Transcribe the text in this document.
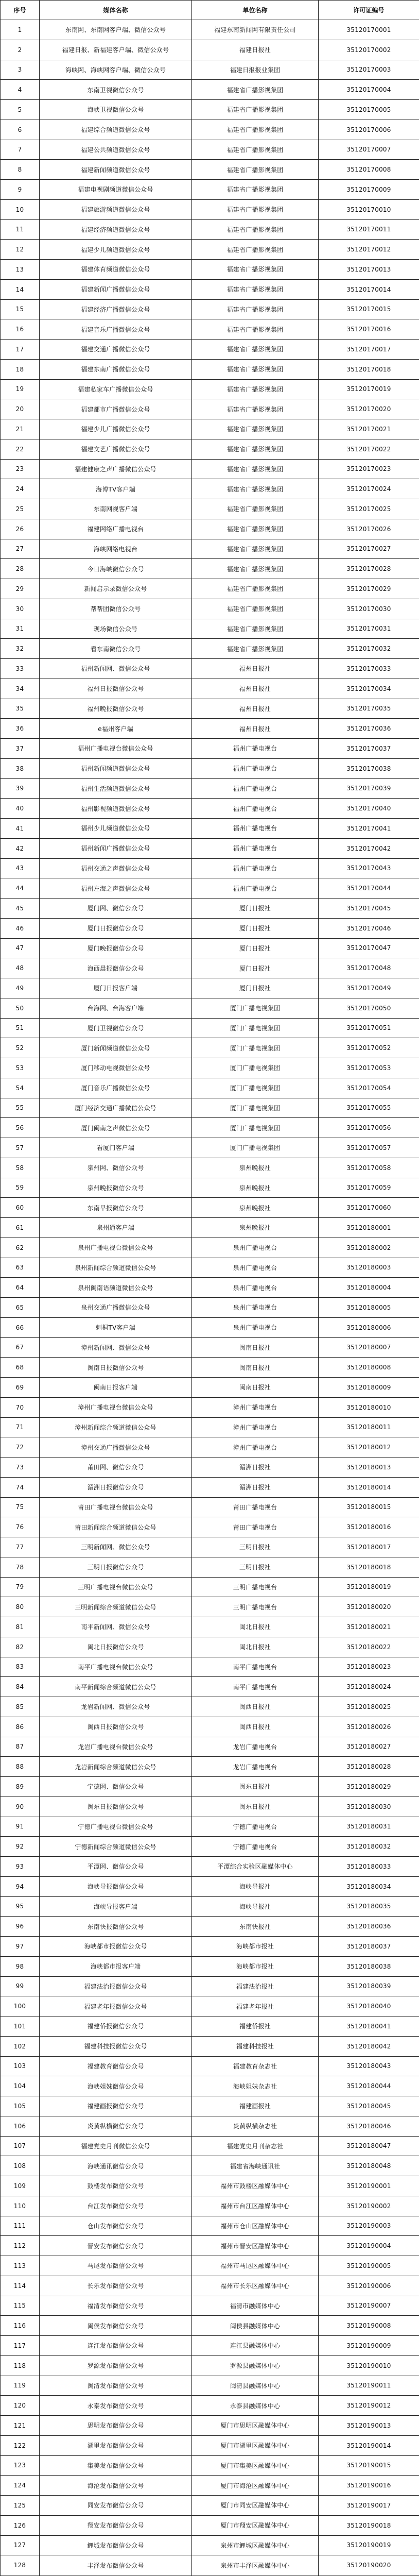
序号	媒体名称	单位名称	许可证编号
1	东南网、东南网客户端、微信公众号	福建东南新闻网有限责任公司	35120170001
2	福建日报、新福建客户端、微信公众号	福建日报社	35120170002
3	海峡网、海峡网客户端、微信公众号	福建日报报业集团	35120170003
4	东南卫视微信公众号	福建省广播影视集团	35120170004
5	海峡卫视微信公众号	福建省广播影视集团	35120170005
6	福建综合频道微信公众号	福建省广播影视集团	35120170006
7	福建公共频道微信公众号	福建省广播影视集团	35120170007
8	福建新闻频道微信公众号	福建省广播影视集团	35120170008
9	福建电视剧频道微信公众号	福建省广播影视集团	35120170009
10	福建旅游频道微信公众号	福建省广播影视集团	35120170010
11	福建经济频道微信公众号	福建省广播影视集团	35120170011
12	福建少儿频道微信公众号	福建省广播影视集团	35120170012
13	福建体育频道微信公众号	福建省广播影视集团	35120170013
14	福建新闻广播微信公众号	福建省广播影视集团	35120170014
15	福建经济广播微信公众号	福建省广播影视集团	35120170015
16	福建音乐广播微信公众号	福建省广播影视集团	35120170016
17	福建交通广播微信公众号	福建省广播影视集团	35120170017
18	福建东南广播微信公众号	福建省广播影视集团	35120170018
19	福建私家车广播微信公众号	福建省广播影视集团	35120170019
20	福建都市广播微信公众号	福建省广播影视集团	35120170020
21	福建少儿广播微信公众号	福建省广播影视集团	35120170021
22	福建文艺广播微信公众号	福建省广播影视集团	35120170022
23	福建健康之声广播微信公众号	福建省广播影视集团	35120170023
24	海博TV客户端	福建省广播影视集团	35120170024
25	东南网视客户端	福建省广播影视集团	35120170025
26	福建网络广播电视台	福建省广播影视集团	35120170026
27	海峡网络电视台	福建省广播影视集团	35120170027
28	今日海峡微信公众号	福建省广播影视集团	35120170028
29	新闻启示录微信公众号	福建省广播影视集团	35120170029
30	帮帮团微信公众号	福建省广播影视集团	35120170030
31	现场微信公众号	福建省广播影视集团	35120170031
32	看东南微信公众号	福建省广播影视集团	35120170032
33	福州新闻网、微信公众号	福州日报社	35120170033
34	福州日报微信公众号	福州日报社	35120170034
35	福州晚报微信公众号	福州日报社	35120170035
36	e福州客户端	福州日报社	35120170036
37	福州广播电视台微信公众号	福州广播电视台	35120170037
38	福州新闻频道微信公众号	福州广播电视台	35120170038
39	福州生活频道微信公众号	福州广播电视台	35120170039
40	福州影视频道微信公众号	福州广播电视台	35120170040
41	福州少儿频道微信公众号	福州广播电视台	35120170041
42	福州新闻广播微信公众号	福州广播电视台	35120170042
43	福州交通之声微信公众号	福州广播电视台	35120170043
44	福州左海之声微信公众号	福州广播电视台	35120170044
45	厦门网、微信公众号	厦门日报社	35120170045
46	厦门日报微信公众号	厦门日报社	35120170046
47	厦门晚报微信公众号	厦门日报社	35120170047
48	海西晨报微信公众号	厦门日报社	35120170048
49	厦门日报客户端	厦门日报社	35120170049
50	台海网、台海客户端	厦门广播电视集团	35120170050
51	厦门卫视微信公众号	厦门广播电视集团	35120170051
52	厦门新闻频道微信公众号	厦门广播电视集团	35120170052
53	厦门移动电视微信公众号	厦门广播电视集团	35120170053
54	厦门音乐广播微信公众号	厦门广播电视集团	35120170054
55	厦门经济交通广播微信公众号	厦门广播电视集团	35120170055
56	厦门闽南之声微信公众号	厦门广播电视集团	35120170056
57	看厦门客户端	厦门广播电视集团	35120170057
58	泉州网、微信公众号	泉州晚报社	35120170058
59	泉州晚报微信公众号	泉州晚报社	35120170059
60	东南早报微信公众号	泉州晚报社	35120170060
61	泉州通客户端	泉州晚报社	35120180001
62	泉州广播电视台微信公众号	泉州广播电视台	35120180002
63	泉州新闻综合频道微信公众号	泉州广播电视台	35120180003
64	泉州闽南语频道微信公众号	泉州广播电视台	35120180004
65	泉州交通广播微信公众号	泉州广播电视台	35120180005
66	刺桐TV客户端	泉州广播电视台	35120180006
67	漳州新闻网、微信公众号	闽南日报社	35120180007
68	闽南日报微信公众号	闽南日报社	35120180008
69	闽南日报客户端	闽南日报社	35120180009
70	漳州广播电视台微信公众号	漳州广播电视台	35120180010
71	漳州新闻综合频道微信公众号	漳州广播电视台	35120180011
72	漳州交通广播微信公众号	漳州广播电视台	35120180012
73	莆田网、微信公众号	湄洲日报社	35120180013
74	湄洲日报微信公众号	湄洲日报社	35120180014
75	莆田广播电视台微信公众号	莆田广播电视台	35120180015
76	莆田新闻综合频道微信公众号	莆田广播电视台	35120180016
77	三明新闻网、微信公众号	三明日报社	35120180017
78	三明日报微信公众号	三明日报社	35120180018
79	三明广播电视台微信公众号	三明广播电视台	35120180019
80	三明新闻综合频道微信公众号	三明广播电视台	35120180020
81	南平新闻网、微信公众号	闽北日报社	35120180021
82	闽北日报微信公众号	闽北日报社	35120180022
83	南平广播电视台微信公众号	南平广播电视台	35120180023
84	南平新闻综合频道微信公众号	南平广播电视台	35120180024
85	龙岩新闻网、微信公众号	闽西日报社	35120180025
86	闽西日报微信公众号	闽西日报社	35120180026
87	龙岩广播电视台微信公众号	龙岩广播电视台	35120180027
88	龙岩新闻综合频道微信公众号	龙岩广播电视台	35120180028
89	宁德网、微信公众号	闽东日报社	35120180029
90	闽东日报微信公众号	闽东日报社	35120180030
91	宁德广播电视台微信公众号	宁德广播电视台	35120180031
92	宁德新闻综合频道微信公众号	宁德广播电视台	35120180032
93	平潭网、微信公众号	平潭综合实验区融媒体中心	35120180033
94	海峡导报微信公众号	海峡导报社	35120180034
95	海峡导报客户端	海峡导报社	35120180035
96	东南快报微信公众号	东南快报社	35120180036
97	海峡都市报微信公众号	海峡都市报社	35120180037
98	海峡都市报客户端	海峡都市报社	35120180038
99	福建法治报微信公众号	福建法治报社	35120180039
100	福建老年报微信公众号	福建老年报社	35120180040
101	福建侨报微信公众号	福建侨报社	35120180041
102	福建科技报微信公众号	福建科技报社	35120180042
103	福建教育微信公众号	福建教育杂志社	35120180043
104	海峡姐妹微信公众号	海峡姐妹杂志社	35120180044
105	福建画报微信公众号	福建画报社	35120180045
106	炎黄纵横微信公众号	炎黄纵横杂志社	35120180046
107	福建党史月刊微信公众号	福建党史月刊杂志社	35120180047
108	海峡通讯微信公众号	福建省海峡通讯社	35120180048
109	鼓楼发布微信公众号	福州市鼓楼区融媒体中心	35120190001
110	台江发布微信公众号	福州市台江区融媒体中心	35120190002
111	仓山发布微信公众号	福州市仓山区融媒体中心	35120190003
112	晋安发布微信公众号	福州市晋安区融媒体中心	35120190004
113	马尾发布微信公众号	福州市马尾区融媒体中心	35120190005
114	长乐发布微信公众号	福州市长乐区融媒体中心	35120190006
115	福清发布微信公众号	福清市融媒体中心	35120190007
116	闽侯发布微信公众号	闽侯县融媒体中心	35120190008
117	连江发布微信公众号	连江县融媒体中心	35120190009
118	罗源发布微信公众号	罗源县融媒体中心	35120190010
119	闽清发布微信公众号	闽清县融媒体中心	35120190011
120	永泰发布微信公众号	永泰县融媒体中心	35120190012
121	思明发布微信公众号	厦门市思明区融媒体中心	35120190013
122	湖里发布微信公众号	厦门市湖里区融媒体中心	35120190014
123	集美发布微信公众号	厦门市集美区融媒体中心	35120190015
124	海沧发布微信公众号	厦门市海沧区融媒体中心	35120190016
125	同安发布微信公众号	厦门市同安区融媒体中心	35120190017
126	翔安发布微信公众号	厦门市翔安区融媒体中心	35120190018
127	鲤城发布微信公众号	泉州市鲤城区融媒体中心	35120190019
128	丰泽发布微信公众号	泉州市丰泽区融媒体中心	35120190020
